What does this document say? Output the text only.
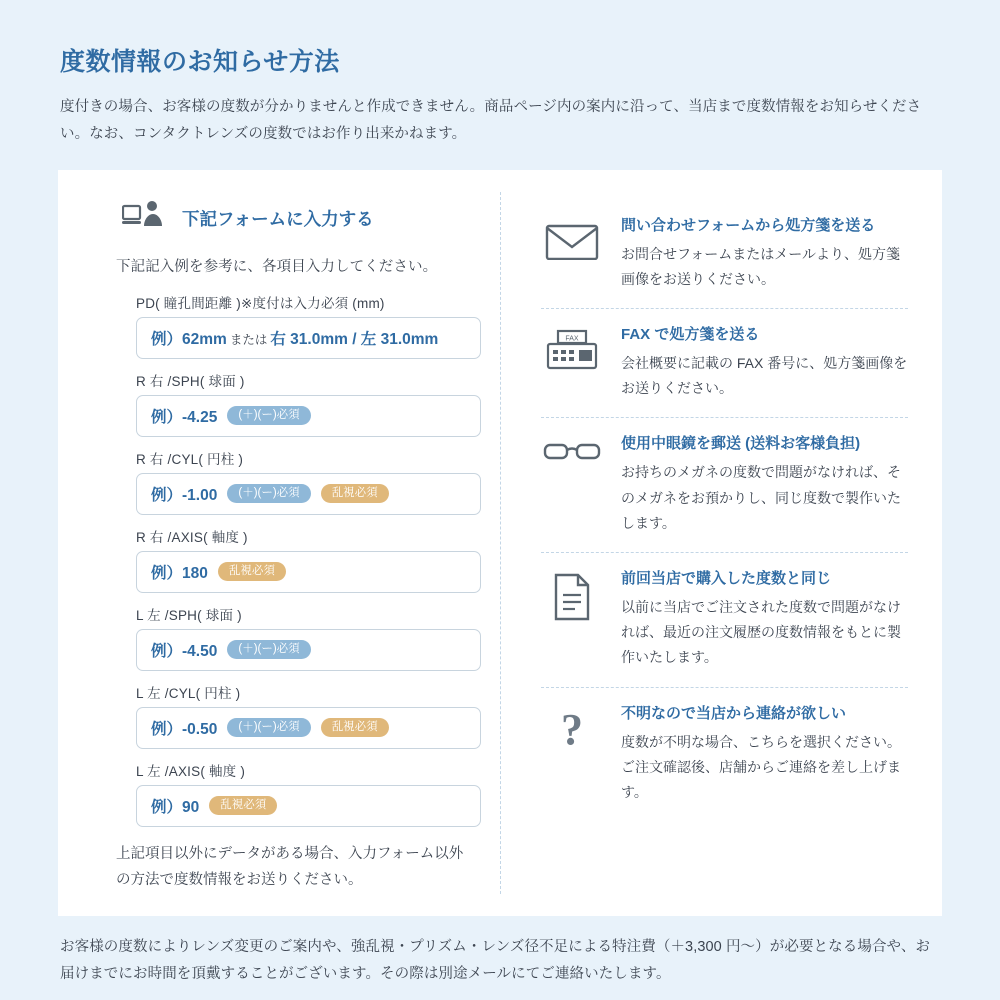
度数情報のお知らせ方法

度付きの場合、お客様の度数が分かりませんと作成できません。商品ページ内の案内に沿って、当店まで度数情報をお知らせください。なお、コンタクトレンズの度数ではお作り出来かねます。

下記フォームに入力する
下記記入例を参考に、各項目入力してください。
PD( 瞳孔間距離 )※度付は入力必須 (mm)
例）62mm または 右 31.0mm / 左 31.0mm
R 右 /SPH( 球面 )
例）-4.25	(＋)(ー)必須
R 右 /CYL( 円柱 )
例）-1.00	(＋)(ー)必須	乱視必須
R 右 /AXIS( 軸度 )
例）180	乱視必須
L 左 /SPH( 球面 )
例）-4.50	(＋)(ー)必須
L 左 /CYL( 円柱 )
例）-0.50	(＋)(ー)必須	乱視必須
L 左 /AXIS( 軸度 )
例）90	乱視必須
上記項目以外にデータがある場合、入力フォーム以外の方法で度数情報をお送りください。
問い合わせフォームから処方箋を送る
お問合せフォームまたはメールより、処方箋画像をお送りください。
FAX	FAX で処方箋を送る
会社概要に記載の FAX 番号に、処方箋画像をお送りください。
使用中眼鏡を郵送 (送料お客様負担)
お持ちのメガネの度数で問題がなければ、そのメガネをお預かりし、同じ度数で製作いたします。
前回当店で購入した度数と同じ
以前に当店でご注文された度数で問題がなければ、最近の注文履歴の度数情報をもとに製作いたします。
?	不明なので当店から連絡が欲しい
度数が不明な場合、こちらを選択ください。ご注文確認後、店舗からご連絡を差し上げます。

お客様の度数によりレンズ変更のご案内や、強乱視・プリズム・レンズ径不足による特注費（＋3,300 円～）が必要となる場合や、お届けまでにお時間を頂戴することがございます。その際は別途メールにてご連絡いたします。
